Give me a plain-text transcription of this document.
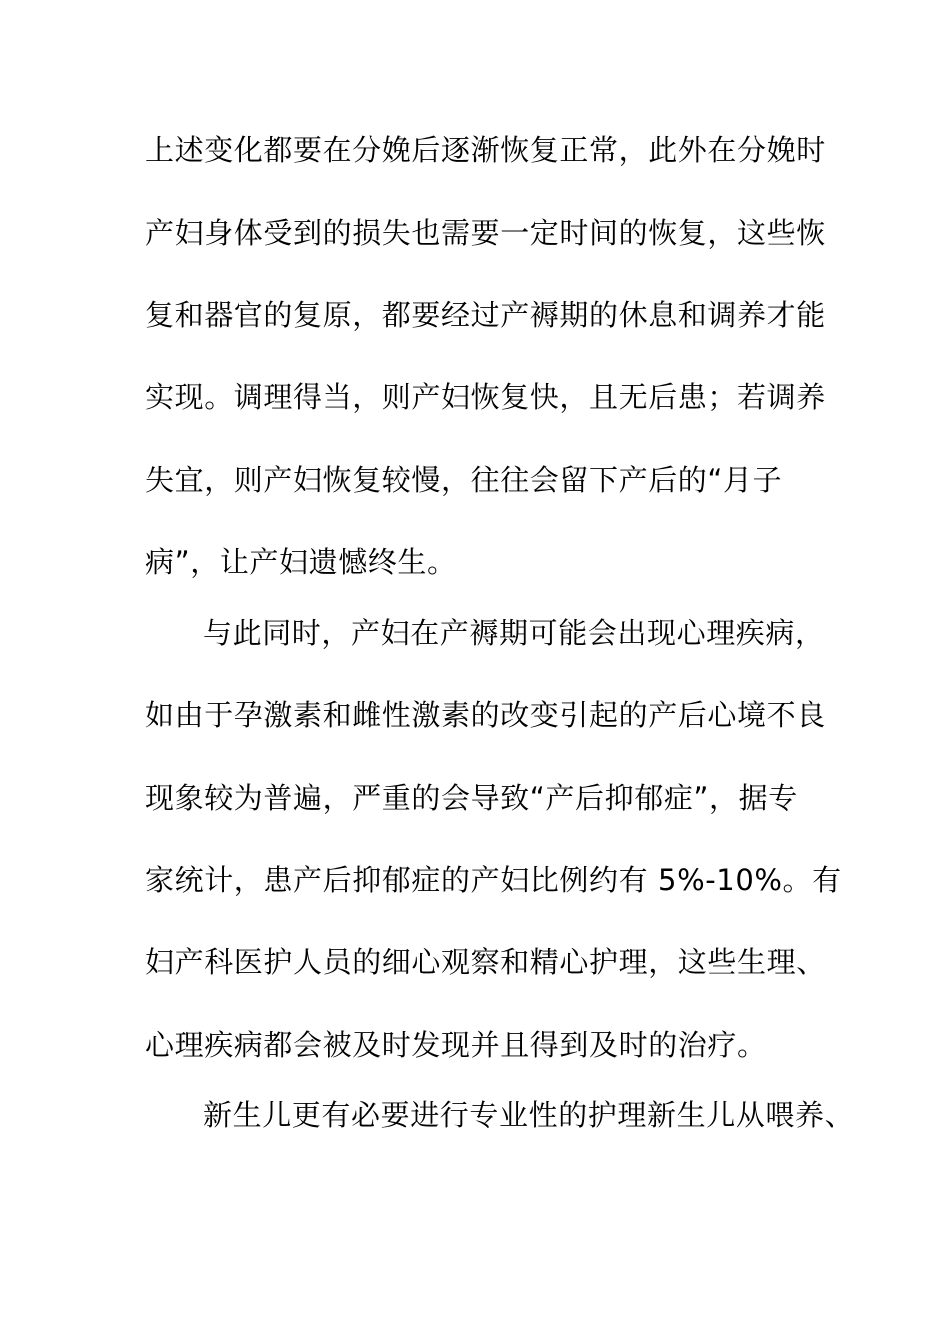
上述变化都要在分娩后逐渐恢复正常，此外在分娩时
产妇身体受到的损失也需要一定时间的恢复，这些恢
复和器官的复原，都要经过产褥期的休息和调养才能
实现。调理得当，则产妇恢复快，且无后患；若调养
失宜，则产妇恢复较慢，往往会留下产后的“月子
病”，让产妇遗憾终生。
与此同时，产妇在产褥期可能会出现心理疾病，
如由于孕激素和雌性激素的改变引起的产后心境不良
现象较为普遍，严重的会导致“产后抑郁症”，据专
家统计，患产后抑郁症的产妇比例约有 5%-10%。有
妇产科医护人员的细心观察和精心护理，这些生理、
心理疾病都会被及时发现并且得到及时的治疗。
新生儿更有必要进行专业性的护理新生儿从喂养、
